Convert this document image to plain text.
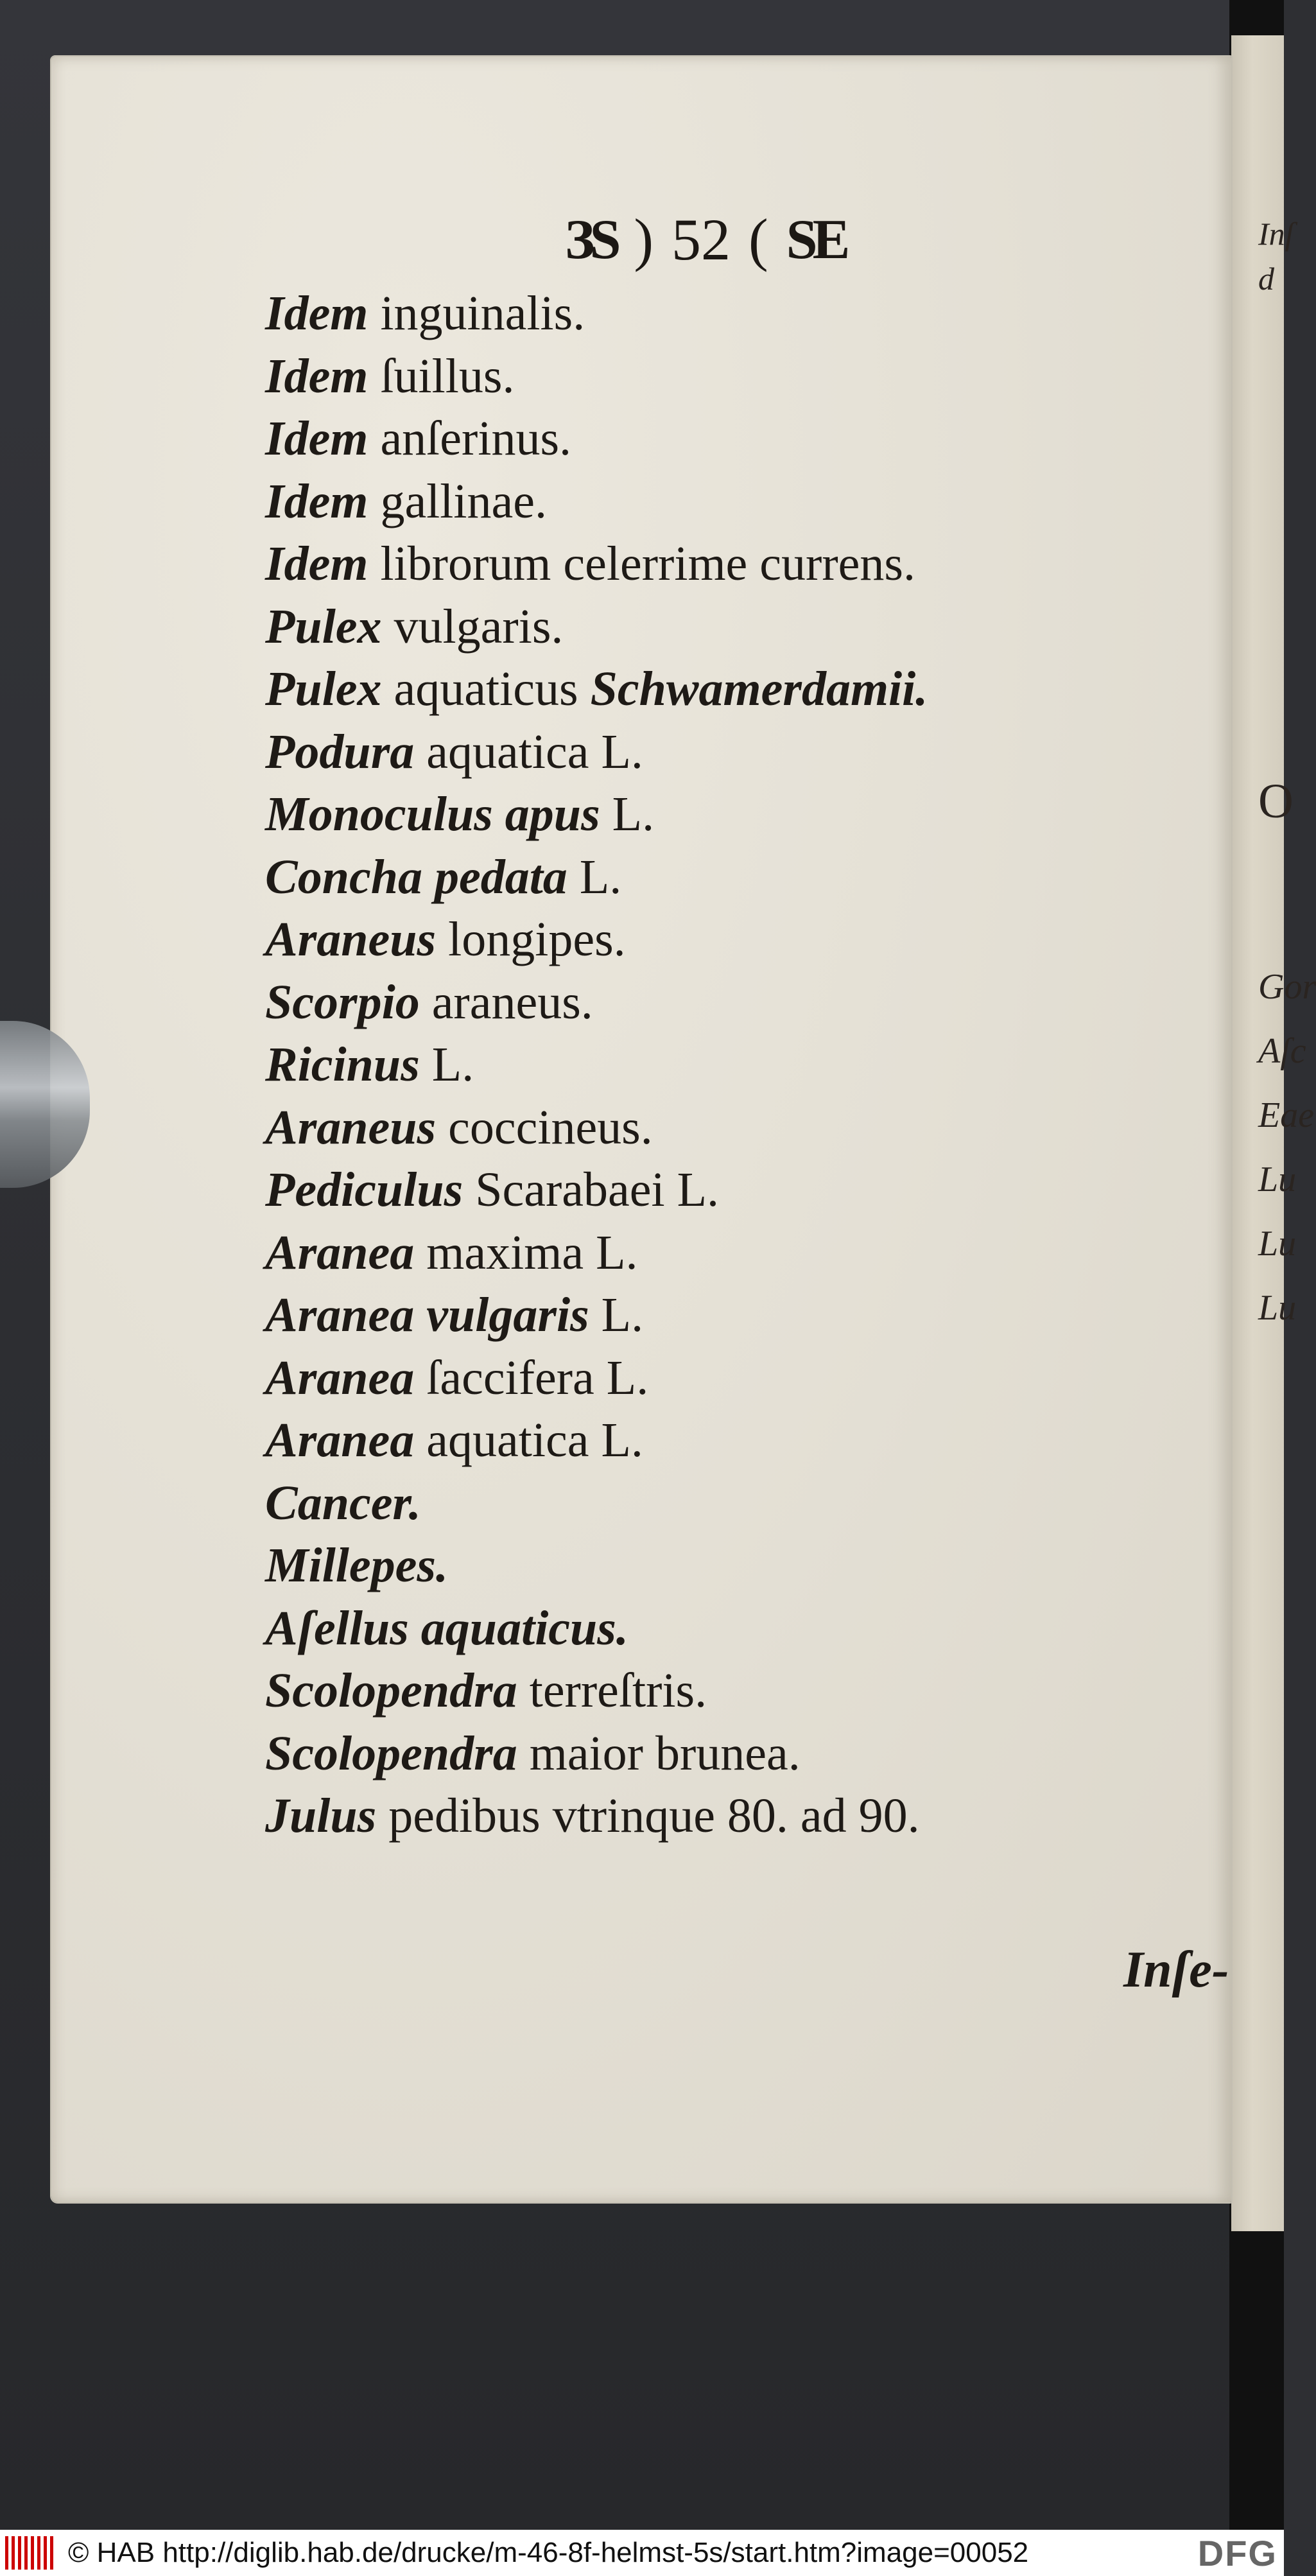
Inſ
d
O
Gor
Aſc
Eae
Lu
Lu
Lu
ЗS ) 52 ( SE
Idem inguinalis.
Idem ſuillus.
Idem anſerinus.
Idem gallinae.
Idem librorum celerrime currens.
Pulex vulgaris.
Pulex aquaticus Schwamerdamii.
Podura aquatica L.
Monoculus apus L.
Concha pedata L.
Araneus longipes.
Scorpio araneus.
Ricinus L.
Araneus coccineus.
Pediculus Scarabaei L.
Aranea maxima L.
Aranea vulgaris L.
Aranea ſaccifera L.
Aranea aquatica L.
Cancer.
Millepes.
Aſellus aquaticus.
Scolopendra terreſtris.
Scolopendra maior brunea.
Julus pedibus vtrinque 80. ad 90.
Inſe-
© HAB http://diglib.hab.de/drucke/m-46-8f-helmst-5s/start.htm?image=00052	DFG
